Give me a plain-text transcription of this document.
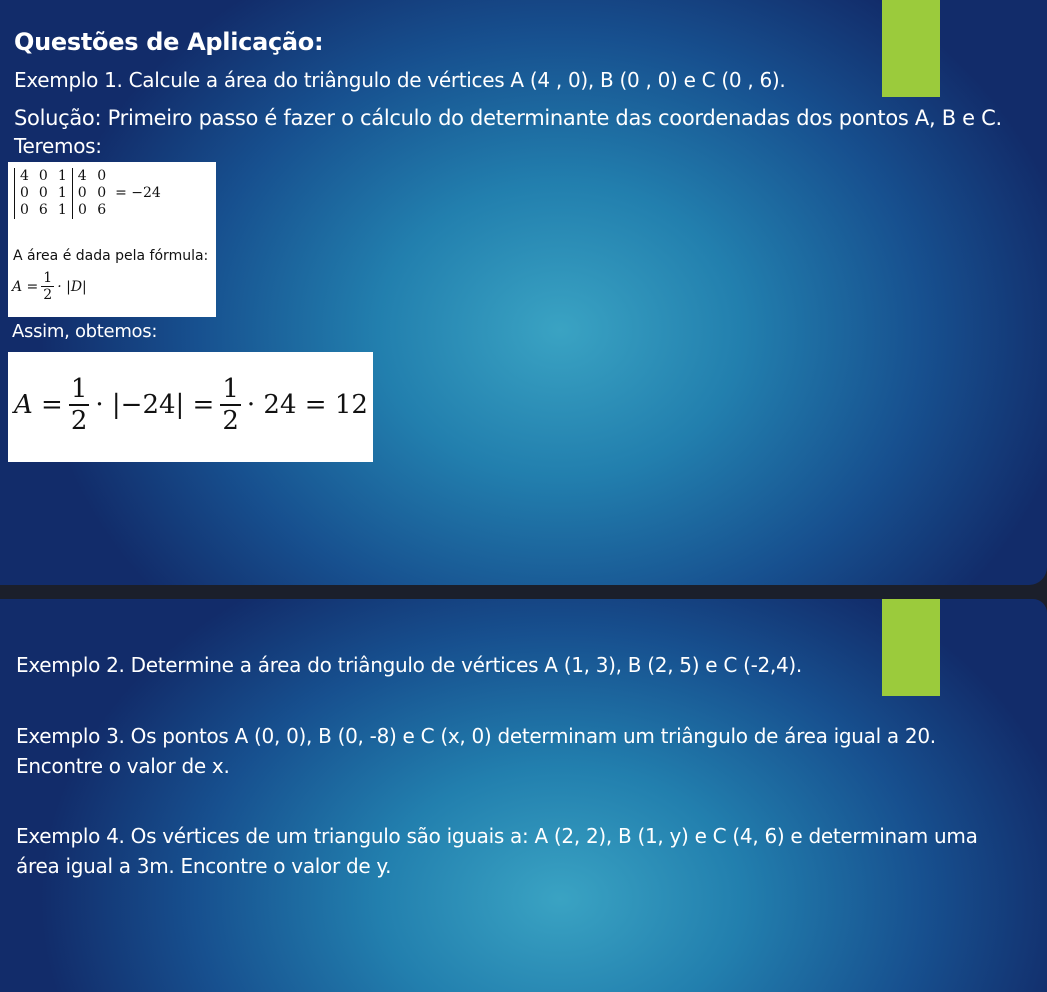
Questões de Aplicação:

Exemplo 1. Calcule a área do triângulo de vértices A (4 , 0), B (0 , 0) e C (0 , 6).

Solução: Primeiro passo é fazer o cálculo do determinante das coordenadas dos pontos A, B e C.

Teremos:

4	0	1	4	0	
0	0	1	0	0	= −24
0	6	1	0	6	
A área é dada pela fórmula:
$A = \frac{1}{2} \cdot |D|$

Assim, obtemos:

$A = \frac{1}{2} \cdot |-24| = \frac{1}{2} \cdot 24 = 12$

Exemplo 2. Determine a área do triângulo de vértices A (1, 3), B (2, 5) e C (-2,4).

Exemplo 3. Os pontos A (0, 0), B (0, -8) e C (x, 0) determinam um triângulo de área igual a 20.

Encontre o valor de x.

Exemplo 4. Os vértices de um triangulo são iguais a: A (2, 2), B (1, y) e C (4, 6) e determinam uma

área igual a 3m. Encontre o valor de y.
